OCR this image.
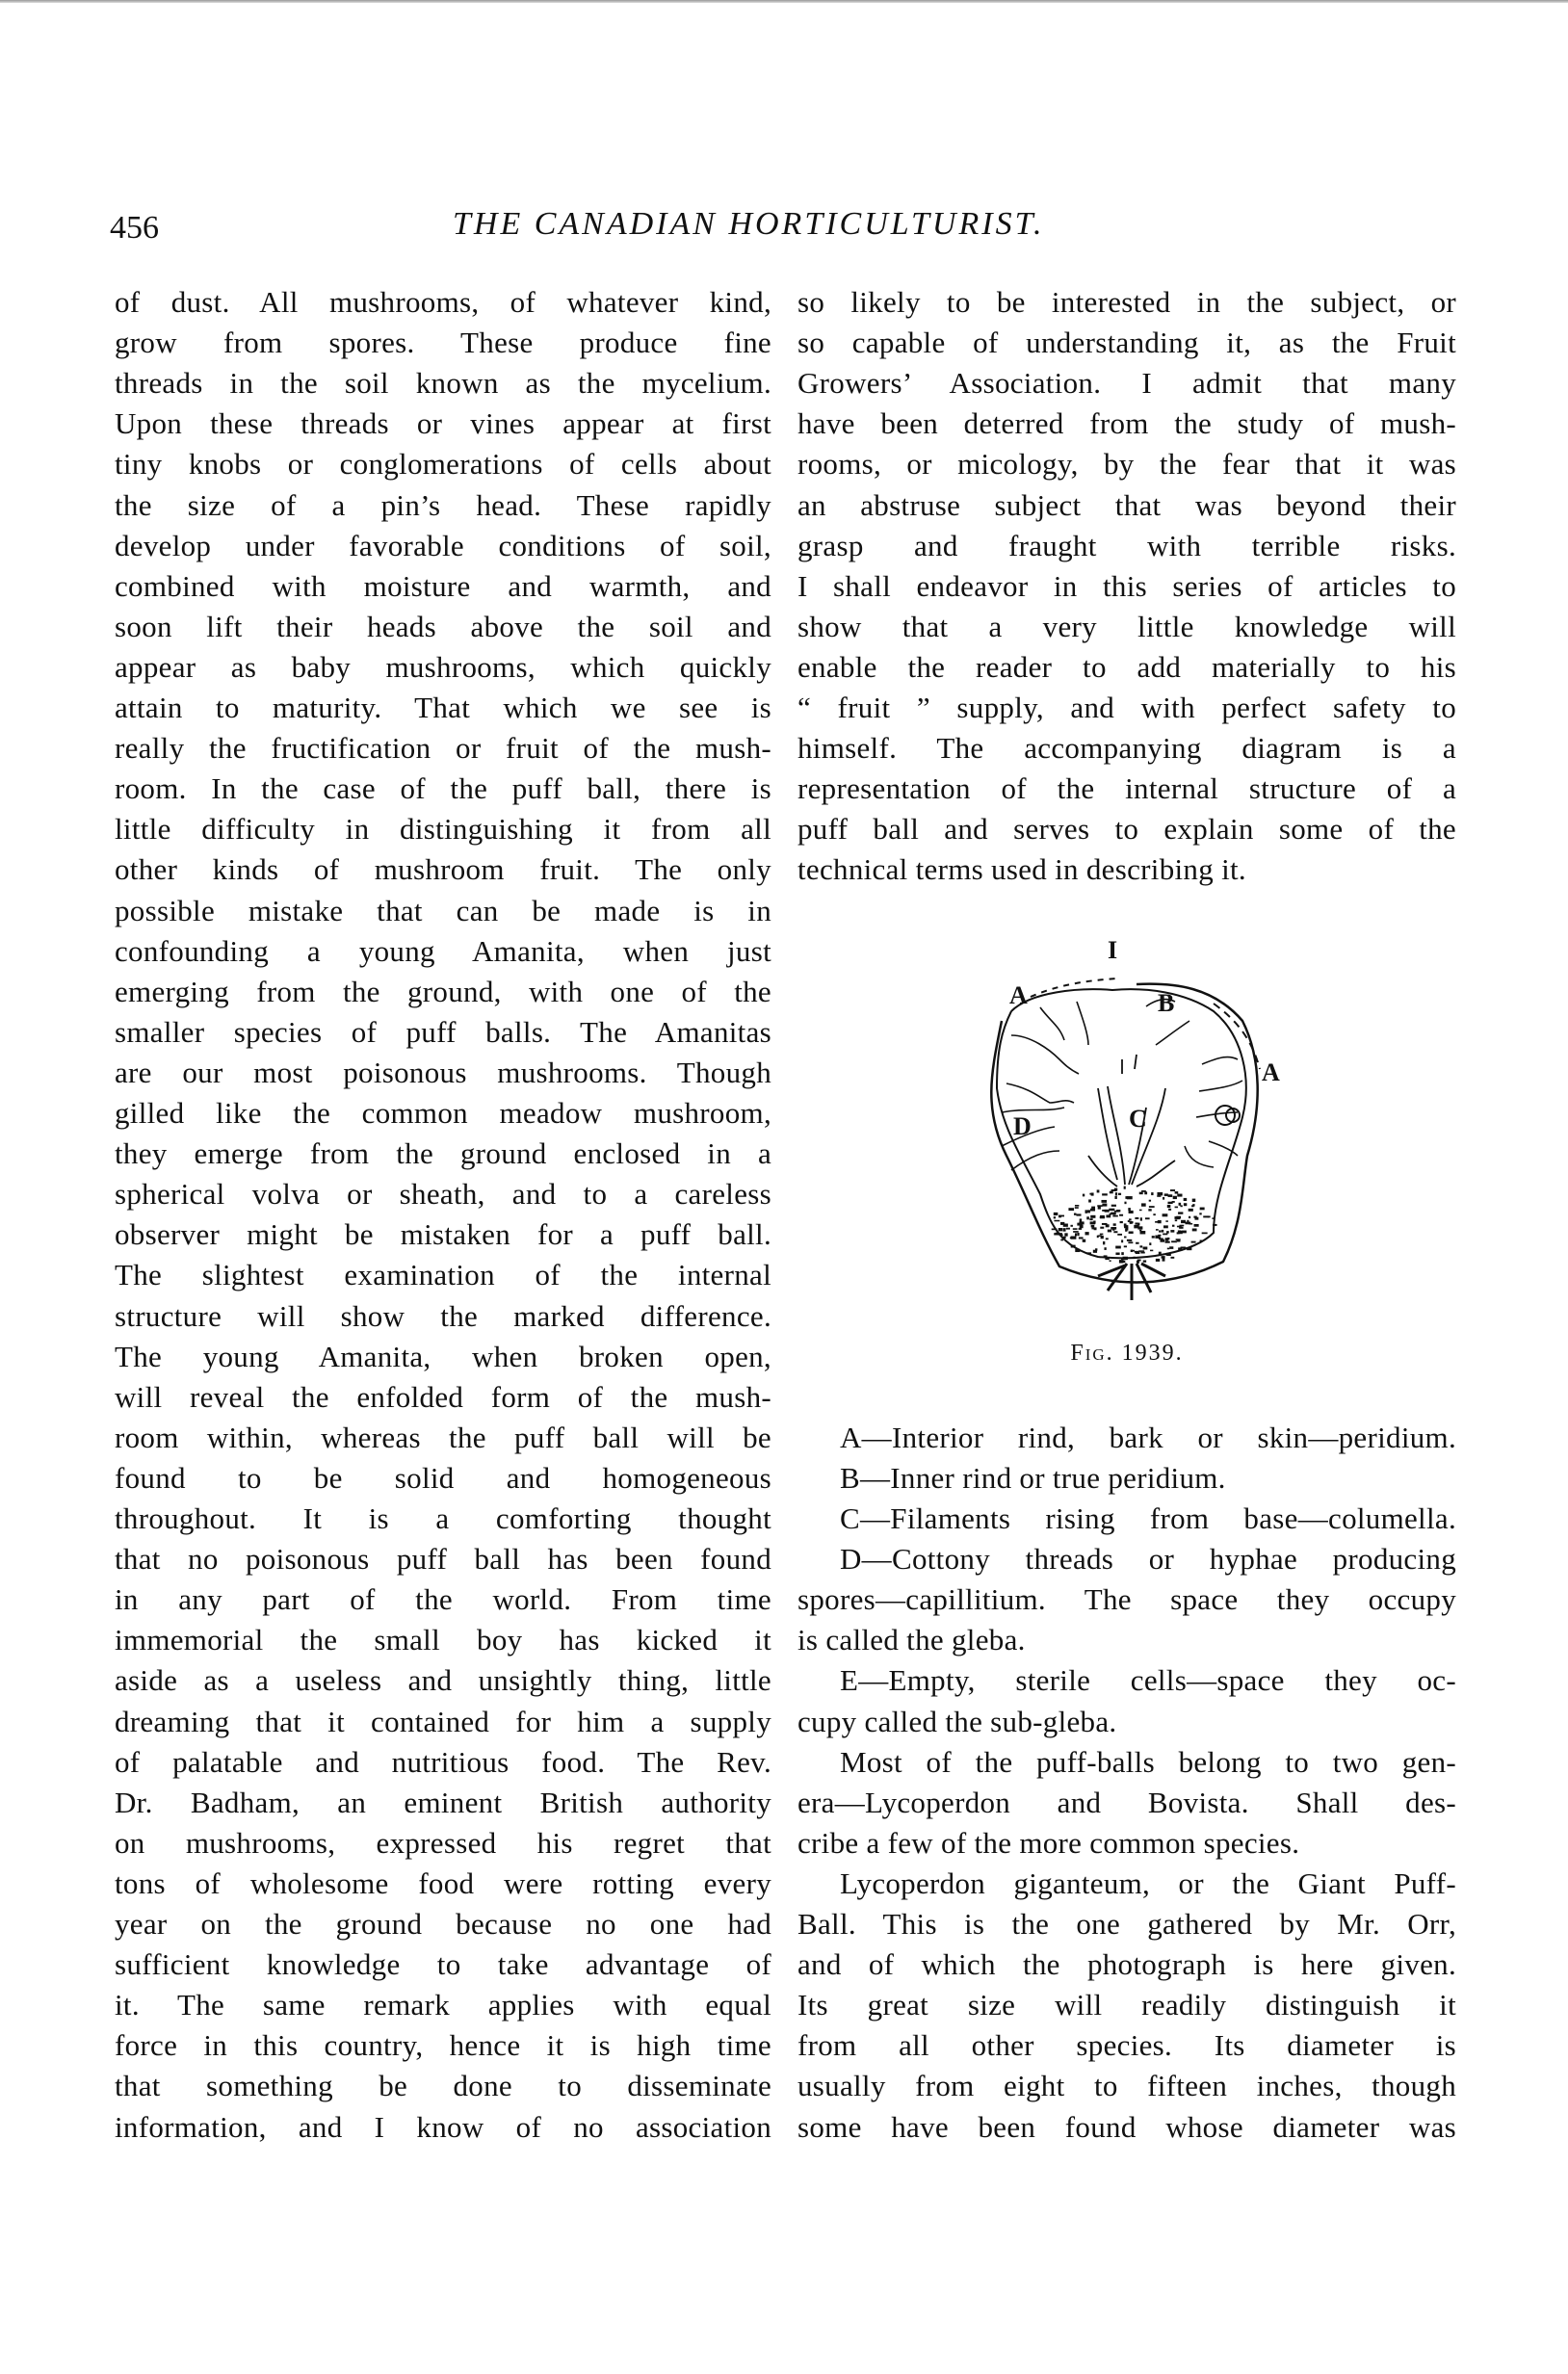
456	THE CANADIAN HORTICULTURIST.
of dust. All mushrooms, of whatever kind,
grow from spores. These produce fine
threads in the soil known as the mycelium.
Upon these threads or vines appear at first
tiny knobs or conglomerations of cells about
the size of a pin’s head. These rapidly
develop under favorable conditions of soil,
combined with moisture and warmth, and
soon lift their heads above the soil and
appear as baby mushrooms, which quickly
attain to maturity. That which we see is
really the fructification or fruit of the mush-
room. In the case of the puff ball, there is
little difficulty in distinguishing it from all
other kinds of mushroom fruit. The only
possible mistake that can be made is in
confounding a young Amanita, when just
emerging from the ground, with one of the
smaller species of puff balls. The Amanitas
are our most poisonous mushrooms. Though
gilled like the common meadow mushroom,
they emerge from the ground enclosed in a
spherical volva or sheath, and to a careless
observer might be mistaken for a puff ball.
The slightest examination of the internal
structure will show the marked difference.
The young Amanita, when broken open,
will reveal the enfolded form of the mush-
room within, whereas the puff ball will be
found to be solid and homogeneous
throughout. It is a comforting thought
that no poisonous puff ball has been found
in any part of the world. From time
immemorial the small boy has kicked it
aside as a useless and unsightly thing, little
dreaming that it contained for him a supply
of palatable and nutritious food. The Rev.
Dr. Badham, an eminent British authority
on mushrooms, expressed his regret that
tons of wholesome food were rotting every
year on the ground because no one had
sufficient knowledge to take advantage of
it. The same remark applies with equal
force in this country, hence it is high time
that something be done to disseminate
information, and I know of no association
so likely to be interested in the subject, or
so capable of understanding it, as the Fruit
Growers’ Association. I admit that many
have been deterred from the study of mush-
rooms, or micology, by the fear that it was
an abstruse subject that was beyond their
grasp and fraught with terrible risks.
I shall endeavor in this series of articles to
show that a very little knowledge will
enable the reader to add materially to his
“ fruit ” supply, and with perfect safety to
himself. The accompanying diagram is a
representation of the internal structure of a
puff ball and serves to explain some of the
technical terms used in describing it.
A—Interior rind, bark or skin—peridium.
B—Inner rind or true peridium.
C—Filaments rising from base—columella.
D—Cottony threads or hyphae producing
spores—capillitium. The space they occupy
is called the gleba.
E—Empty, sterile cells—space they oc-
cupy called the sub-gleba.
Most of the puff-balls belong to two gen-
era—Lycoperdon and Bovista. Shall des-
cribe a few of the more common species.
Lycoperdon giganteum, or the Giant Puff-
Ball. This is the one gathered by Mr. Orr,
and of which the photograph is here given.
Its great size will readily distinguish it
from all other species. Its diameter is
usually from eight to fifteen inches, though
some have been found whose diameter was
I
A	B
A
C
D
Fig. 1939.
